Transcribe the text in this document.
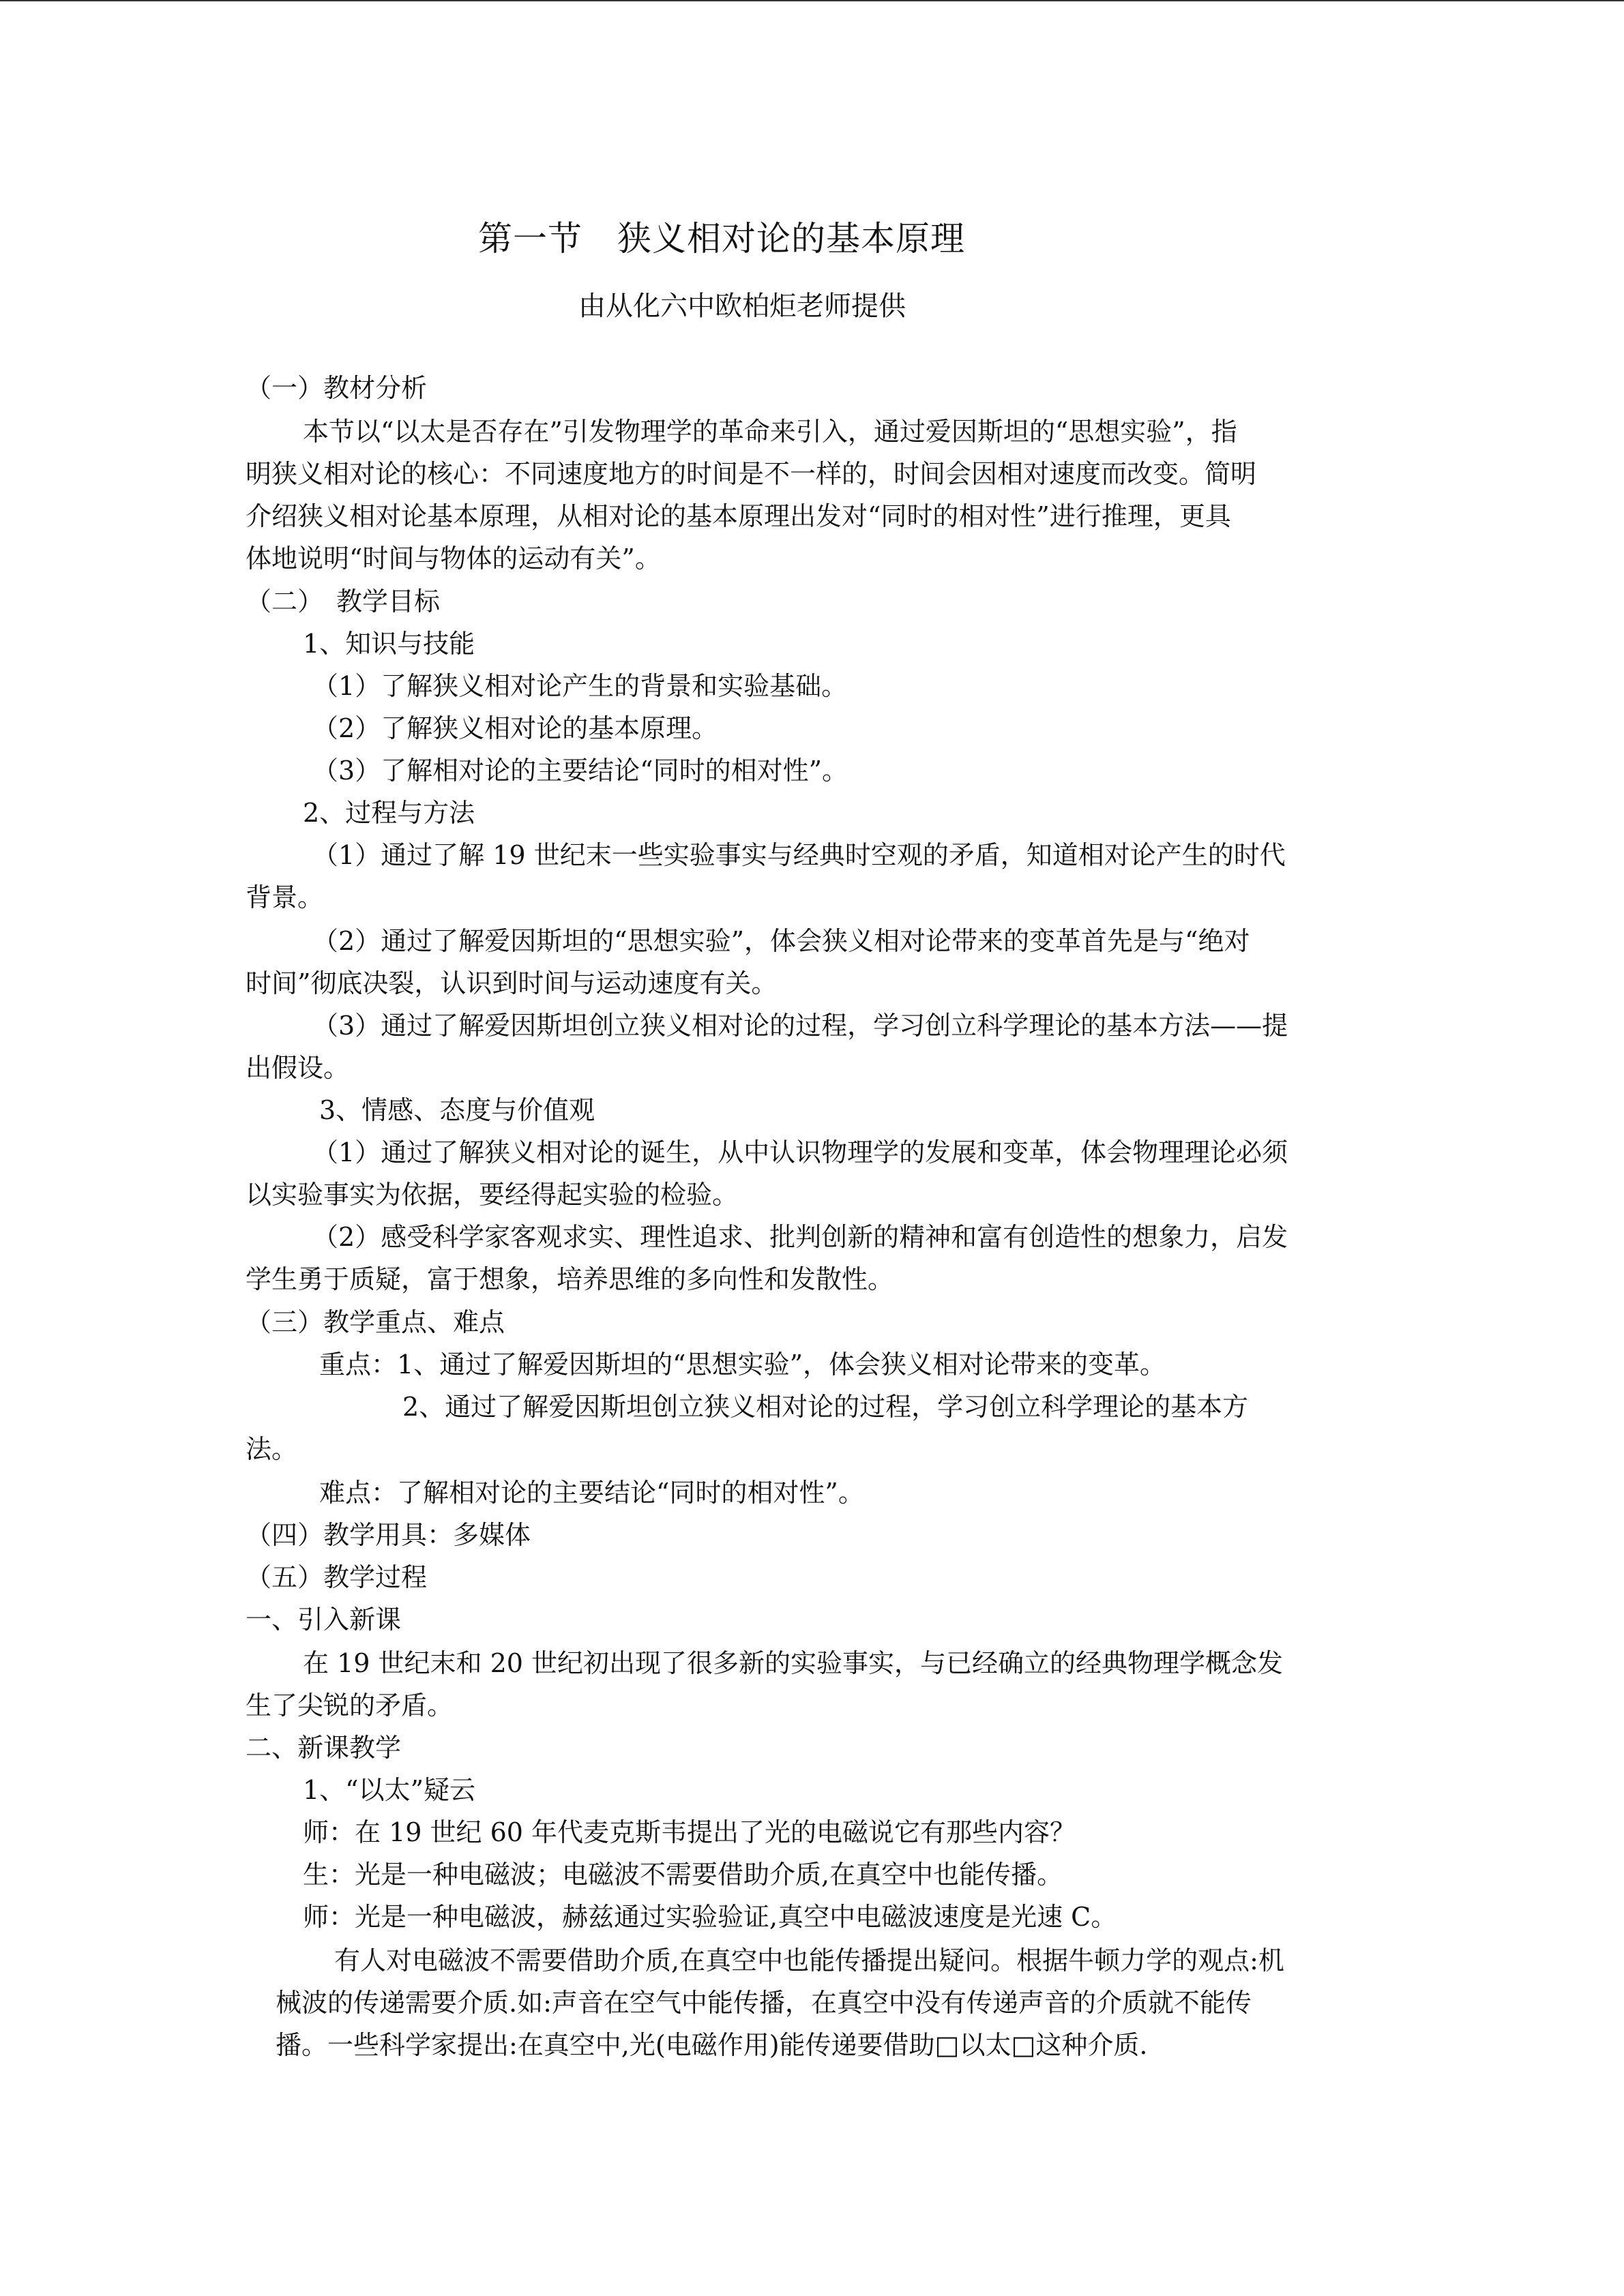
第一节　狭义相对论的基本原理
由从化六中欧柏炬老师提供
（一）教材分析
本节以“以太是否存在”引发物理学的革命来引入，通过爱因斯坦的“思想实验”，指
明狭义相对论的核心：不同速度地方的时间是不一样的，时间会因相对速度而改变。简明
介绍狭义相对论基本原理，从相对论的基本原理出发对“同时的相对性”进行推理，更具
体地说明“时间与物体的运动有关”。
（二）　教学目标
1、知识与技能
（1）了解狭义相对论产生的背景和实验基础。
（2）了解狭义相对论的基本原理。
（3）了解相对论的主要结论“同时的相对性”。
2、过程与方法
（1）通过了解 19 世纪末一些实验事实与经典时空观的矛盾，知道相对论产生的时代
背景。
（2）通过了解爱因斯坦的“思想实验”，体会狭义相对论带来的变革首先是与“绝对
时间”彻底决裂，认识到时间与运动速度有关。
（3）通过了解爱因斯坦创立狭义相对论的过程，学习创立科学理论的基本方法——提
出假设。
3、情感、态度与价值观
（1）通过了解狭义相对论的诞生，从中认识物理学的发展和变革，体会物理理论必须
以实验事实为依据，要经得起实验的检验。
（2）感受科学家客观求实、理性追求、批判创新的精神和富有创造性的想象力，启发
学生勇于质疑，富于想象，培养思维的多向性和发散性。
（三）教学重点、难点
重点：1、通过了解爱因斯坦的“思想实验”，体会狭义相对论带来的变革。
2、通过了解爱因斯坦创立狭义相对论的过程，学习创立科学理论的基本方
法。
难点：了解相对论的主要结论“同时的相对性”。
（四）教学用具：多媒体
（五）教学过程
一、引入新课
在 19 世纪末和 20 世纪初出现了很多新的实验事实，与已经确立的经典物理学概念发
生了尖锐的矛盾。
二、新课教学
1、“以太”疑云
师：在 19 世纪 60 年代麦克斯韦提出了光的电磁说它有那些内容？
生：光是一种电磁波；电磁波不需要借助介质,在真空中也能传播。
师：光是一种电磁波，赫兹通过实验验证,真空中电磁波速度是光速 C。
有人对电磁波不需要借助介质,在真空中也能传播提出疑问。根据牛顿力学的观点:机
械波的传递需要介质.如:声音在空气中能传播，在真空中没有传递声音的介质就不能传
播。一些科学家提出:在真空中,光(电磁作用)能传递要借助□以太□这种介质.
